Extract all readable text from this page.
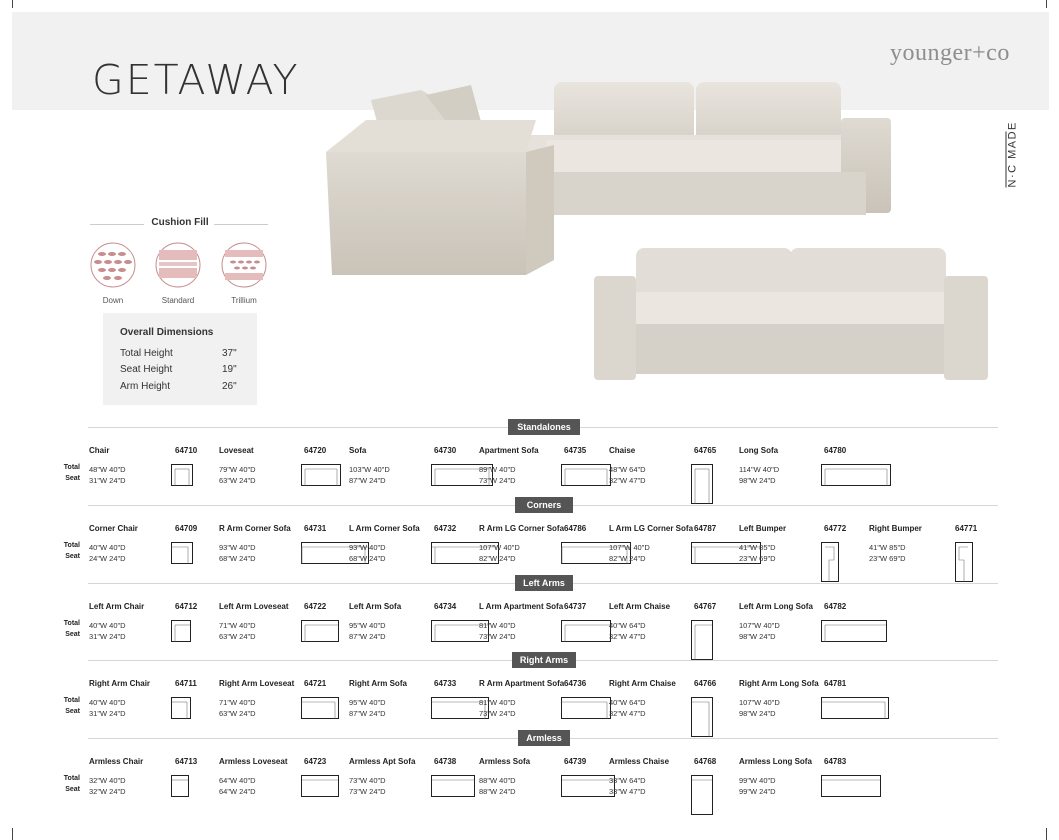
GETAWAY
younger+co
N·C MADE
Cushion Fill
Down	Standard	Trillium
Overall Dimensions
Total Height	37"
Seat Height	19"
Arm Height	26"
Standalones
Total
Seat
Chair	64710
48"W 40"D
31"W 24"D
Loveseat	64720
79"W 40"D
63"W 24"D
Sofa	64730
103"W 40"D
87"W 24"D
Apartment Sofa	64735
89"W 40"D
73"W 24"D
Chaise	64765
48"W 64"D
32"W 47"D
Long Sofa	64780
114"W 40"D
98"W 24"D
Corners
Total
Seat
Corner Chair	64709
40"W 40"D
24"W 24"D
R Arm Corner Sofa 64731
93"W 40"D
68"W 24"D
L Arm Corner Sofa 64732
93"W 40"D
68"W 24"D
R Arm LG Corner Sofa 64786
107"W 40"D
82"W 24"D
L Arm LG Corner Sofa 64787
107"W 40"D
82"W 24"D
Left Bumper	64772
41"W 85"D
23"W 69"D
Right Bumper	64771
41"W 85"D
23"W 69"D
Left Arms
Total
Seat
Left Arm Chair	64712
40"W 40"D
31"W 24"D
Left Arm Loveseat 64722
71"W 40"D
63"W 24"D
Left Arm Sofa	64734
95"W 40"D
87"W 24"D
L Arm Apartment Sofa 64737
81"W 40"D
73"W 24"D
Left Arm Chaise	64767
40"W 64"D
32"W 47"D
Left Arm Long Sofa 64782
107"W 40"D
98"W 24"D
Right Arms
Total
Seat
Right Arm Chair	64711
40"W 40"D
31"W 24"D
Right Arm Loveseat 64721
71"W 40"D
63"W 24"D
Right Arm Sofa	64733
95"W 40"D
87"W 24"D
R Arm Apartment Sofa 64736
81"W 40"D
73"W 24"D
Right Arm Chaise 64766
40"W 64"D
32"W 47"D
Right Arm Long Sofa 64781
107"W 40"D
98"W 24"D
Armless
Total
Seat
Armless Chair	64713
32"W 40"D
32"W 24"D
Armless Loveseat 64723
64"W 40"D
64"W 24"D
Armless Apt Sofa 64738
73"W 40"D
73"W 24"D
Armless Sofa	64739
88"W 40"D
88"W 24"D
Armless Chaise	64768
33"W 64"D
33"W 47"D
Armless Long Sofa 64783
99"W 40"D
99"W 24"D
